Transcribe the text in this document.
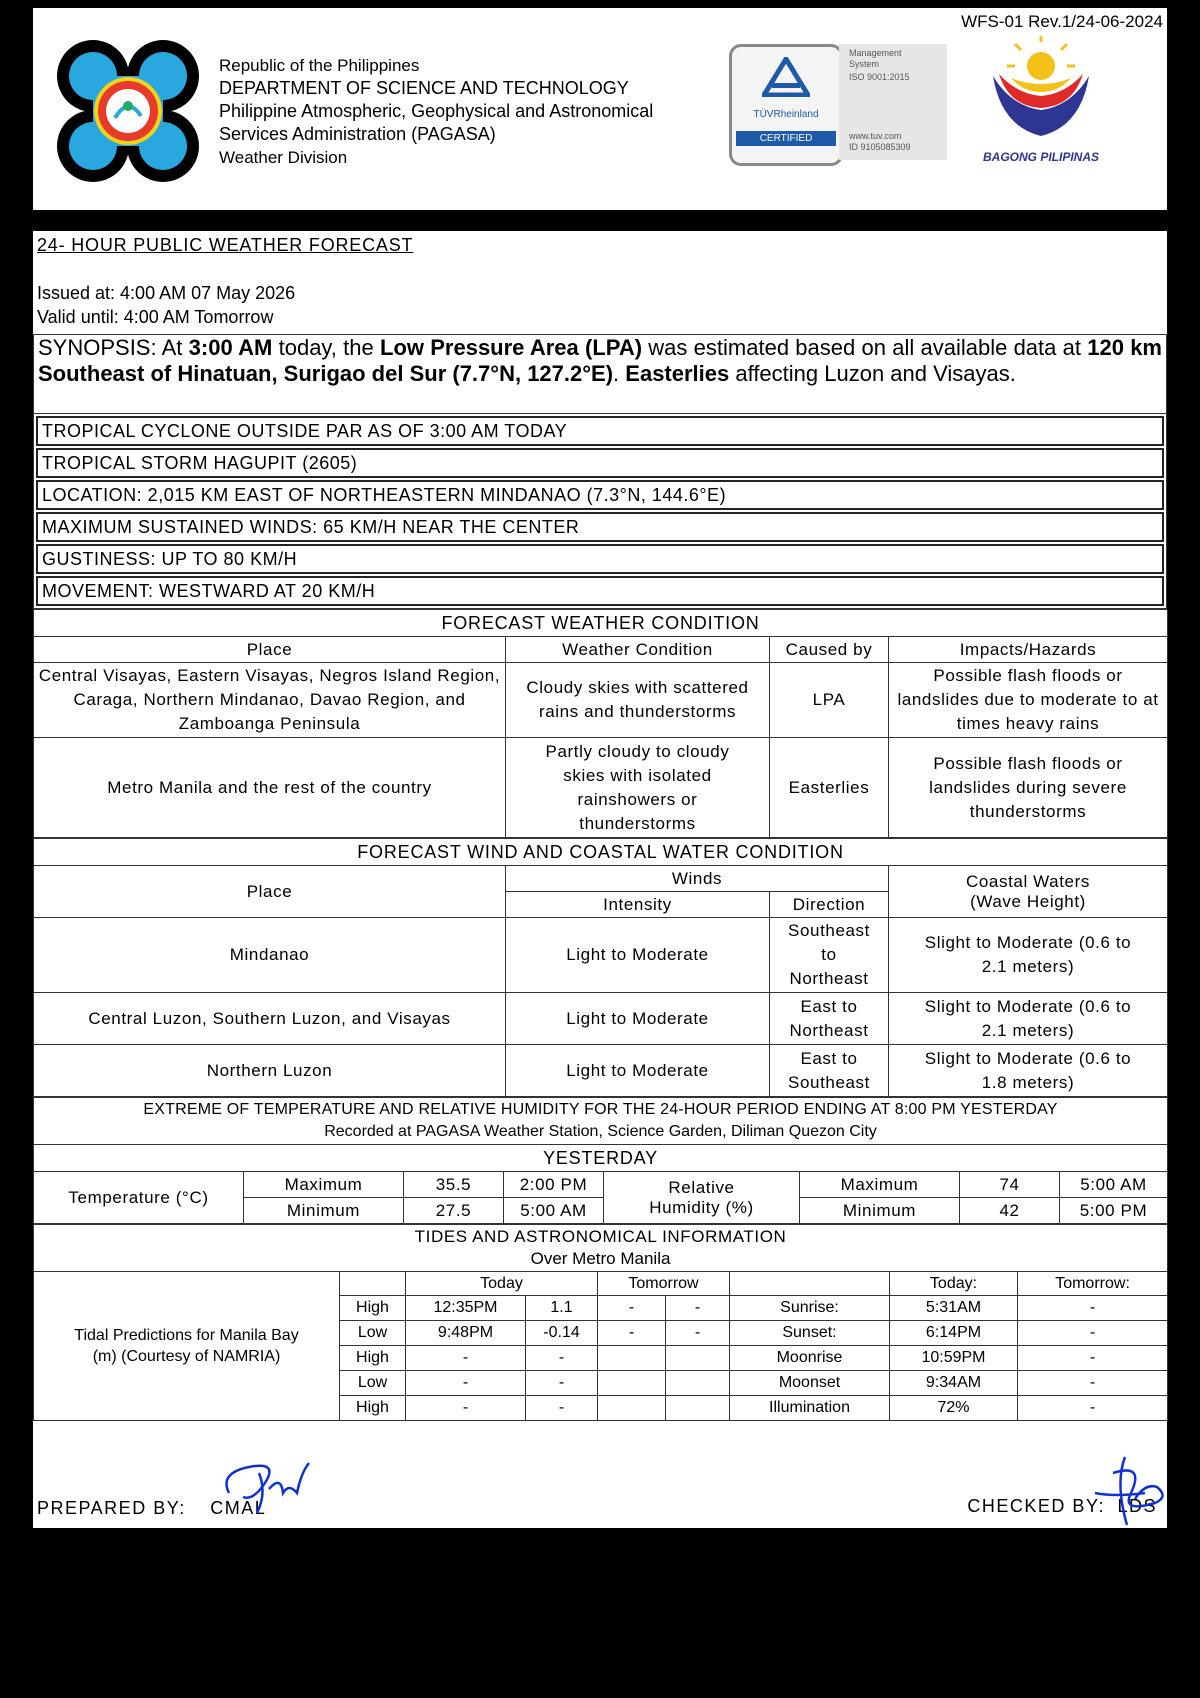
WFS-01 Rev.1/24-06-2024
Republic of the Philippines
DEPARTMENT OF SCIENCE AND TECHNOLOGY
Philippine Atmospheric, Geophysical and Astronomical
Services Administration (PAGASA)
Weather Division
TÜVRheinland
CERTIFIED
Management System
ISO 9001:2015
www.tuv.com
ID 9105085309
BAGONG PILIPINAS
24- HOUR PUBLIC WEATHER FORECAST
Issued at: 4:00 AM 07 May 2026
Valid until: 4:00 AM Tomorrow
SYNOPSIS: At 3:00 AM today, the Low Pressure Area (LPA) was estimated based on all available data at 120 km Southeast of Hinatuan, Surigao del Sur (7.7°N, 127.2°E). Easterlies affecting Luzon and Visayas.
TROPICAL CYCLONE OUTSIDE PAR AS OF 3:00 AM TODAY
TROPICAL STORM HAGUPIT (2605)
LOCATION: 2,015 KM EAST OF NORTHEASTERN MINDANAO (7.3°N, 144.6°E)
MAXIMUM SUSTAINED WINDS: 65 KM/H NEAR THE CENTER
GUSTINESS: UP TO 80 KM/H
MOVEMENT: WESTWARD AT 20 KM/H
FORECAST WEATHER CONDITION			
Place	Weather Condition	Caused by	Impacts/Hazards
Central Visayas, Eastern Visayas, Negros Island Region, Caraga, Northern Mindanao, Davao Region, and Zamboanga Peninsula	Cloudy skies with scattered rains and thunderstorms	LPA	Possible flash floods or landslides due to moderate to at times heavy rains
Metro Manila and the rest of the country	Partly cloudy to cloudy skies with isolated rainshowers or thunderstorms	Easterlies	Possible flash floods or landslides during severe thunderstorms
FORECAST WIND AND COASTAL WATER CONDITION			
Place	Winds		Coastal Waters (Wave Height)
	Intensity	Direction	
Mindanao	Light to Moderate	Southeast to Northeast	Slight to Moderate (0.6 to 2.1 meters)
Central Luzon, Southern Luzon, and Visayas	Light to Moderate	East to Northeast	Slight to Moderate (0.6 to 2.1 meters)
Northern Luzon	Light to Moderate	East to Southeast	Slight to Moderate (0.6 to 1.8 meters)
EXTREME OF TEMPERATURE AND RELATIVE HUMIDITY FOR THE 24-HOUR PERIOD ENDING AT 8:00 PM YESTERDAY
Recorded at PAGASA Weather Station, Science Garden, Diliman Quezon City							

YESTERDAY							
Temperature (°C)	Maximum	35.5	2:00 PM	Relative Humidity (%)	Maximum	74	5:00 AM
	Minimum	27.5	5:00 AM		Minimum	42	5:00 PM
TIDES AND ASTRONOMICAL INFORMATION
Over Metro Manila								

Tidal Predictions for Manila Bay (m) (Courtesy of NAMRIA)		Today		Tomorrow			Today:	Tomorrow:
	High	12:35PM	1.1	-	-	Sunrise:	5:31AM	-
	Low	9:48PM	-0.14	-	-	Sunset:	6:14PM	-
	High	-	-			Moonrise	10:59PM	-
	Low	-	-			Moonset	9:34AM	-
	High	-	-			Illumination	72%	-
PREPARED BY: CMAL	CHECKED BY: LDS
